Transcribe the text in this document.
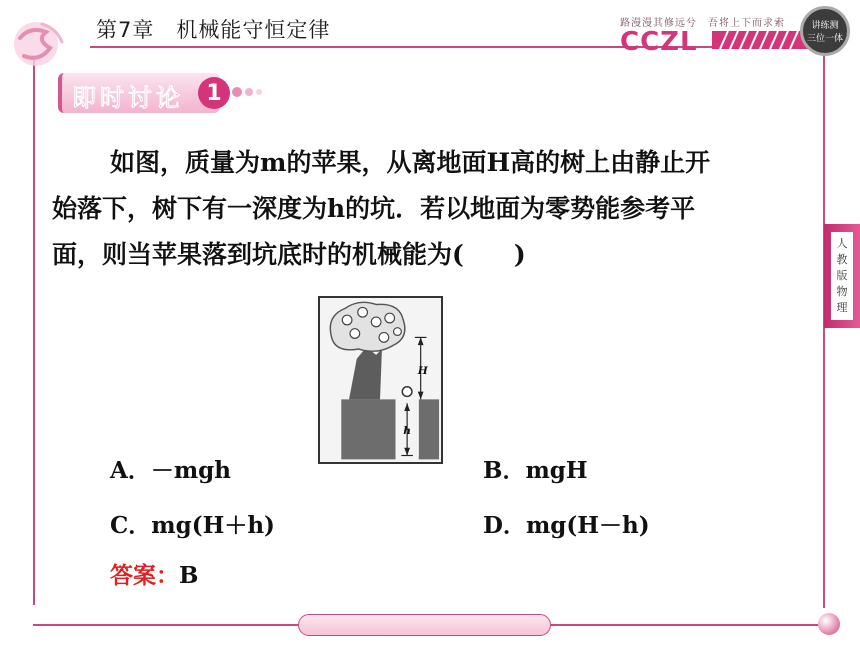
第7章　机械能守恒定律	路漫漫其修远兮　吾将上下而求索
CCZL
讲练测
三位一体
即时讨论	1

如图，质量为m的苹果，从离地面H高的树上由静止开

始落下，树下有一深度为h的坑．若以地面为零势能参考平

面，则当苹果落到坑底时的机械能为(　　)

H
h
A．－mgh	B．mgH
C．mg(H＋h)	D．mg(H－h)
答案：B
人
教
版
物
理
